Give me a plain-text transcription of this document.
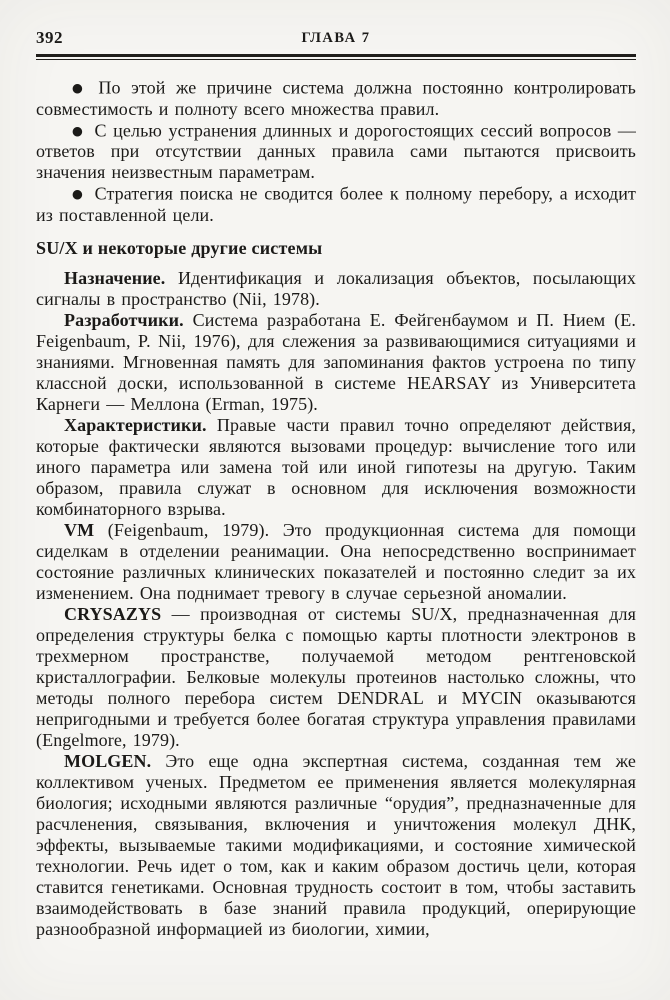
392	ГЛАВА 7

● По этой же причине система должна постоянно контролировать совместимость и полноту всего множества правил.

● С целью устранения длинных и дорогостоящих сессий вопросов — ответов при отсутствии данных правила сами пытаются присвоить значения неизвестным параметрам.

● Стратегия поиска не сводится более к полному перебору, а исходит из поставленной цели.

SU/X и некоторые другие системы

Назначение. Идентификация и локализация объектов, посылающих сигналы в пространство (Nii, 1978).

Разработчики. Система разработана Е. Фейгенбаумом и П. Нием (E. Feigenbaum, P. Nii, 1976), для слежения за развивающимися ситуациями и знаниями. Мгновенная память для запоминания фактов устроена по типу классной доски, использованной в системе HEARSAY из Университета Карнеги — Меллона (Erman, 1975).

Характеристики. Правые части правил точно определяют действия, которые фактически являются вызовами процедур: вычисление того или иного параметра или замена той или иной гипотезы на другую. Таким образом, правила служат в основном для исключения возможности комбинаторного взрыва.

VM (Feigenbaum, 1979). Это продукционная система для помощи сиделкам в отделении реанимации. Она непосредственно воспринимает состояние различных клинических показателей и постоянно следит за их изменением. Она поднимает тревогу в случае серьезной аномалии.

CRYSAZYS — производная от системы SU/X, предназначенная для определения структуры белка с помощью карты плотности электронов в трехмерном пространстве, получаемой методом рентгеновской кристаллографии. Белковые молекулы протеинов настолько сложны, что методы полного перебора систем DENDRAL и MYCIN оказываются непригодными и требуется более богатая структура управления правилами (Engelmore, 1979).

MOLGEN. Это еще одна экспертная система, созданная тем же коллективом ученых. Предметом ее применения является молекулярная биология; исходными являются различные “орудия”, предназначенные для расчленения, связывания, включения и уничтожения молекул ДНК, эффекты, вызываемые такими модификациями, и состояние химической технологии. Речь идет о том, как и каким образом достичь цели, которая ставится генетиками. Основная трудность состоит в том, чтобы заставить взаимодействовать в базе знаний правила продукций, оперирующие разнообразной информацией из биологии, химии,
